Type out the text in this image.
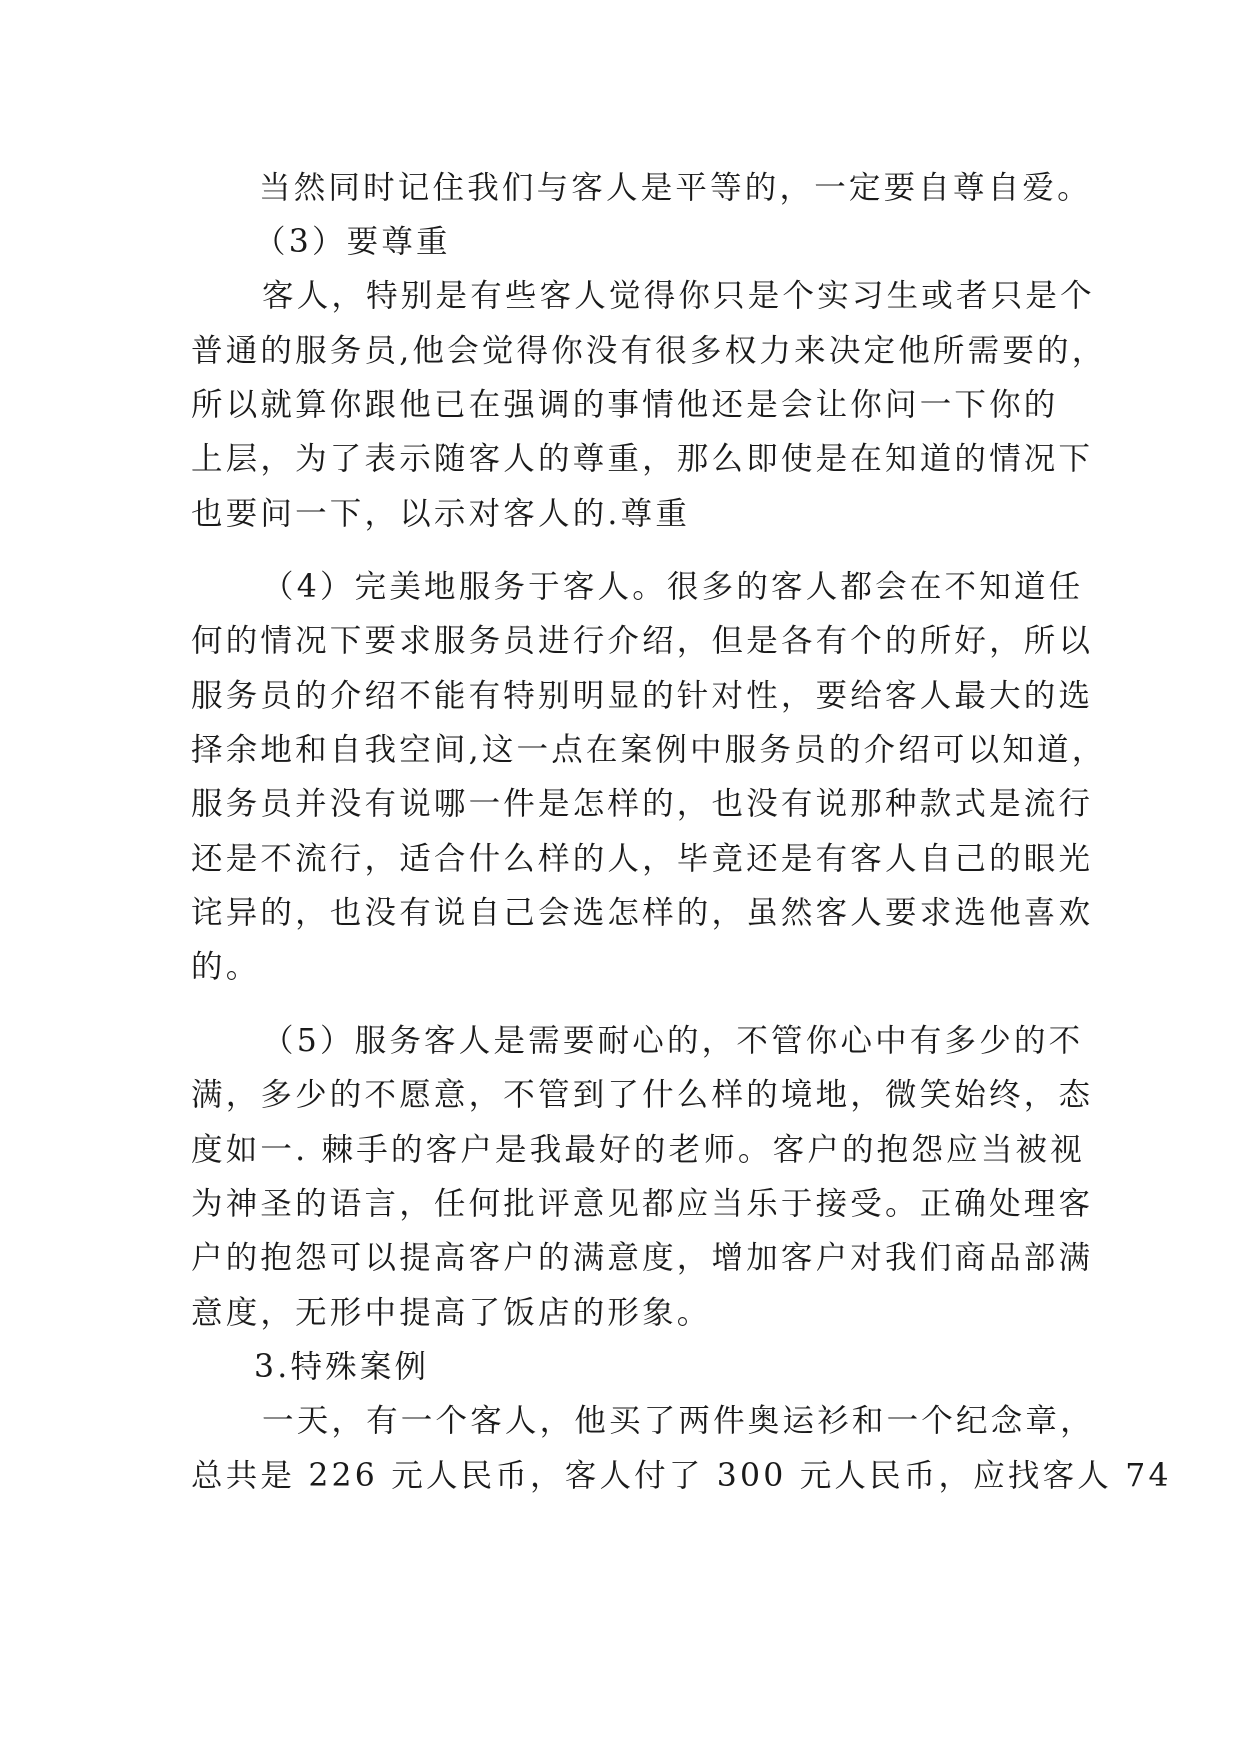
当然同时记住我们与客人是平等的，一定要自尊自爱。
（3）要尊重
客人，特别是有些客人觉得你只是个实习生或者只是个
普通的服务员,他会觉得你没有很多权力来决定他所需要的，
所以就算你跟他已在强调的事情他还是会让你问一下你的
上层，为了表示随客人的尊重，那么即使是在知道的情况下
也要问一下，以示对客人的.尊重
（4）完美地服务于客人。很多的客人都会在不知道任
何的情况下要求服务员进行介绍，但是各有个的所好，所以
服务员的介绍不能有特别明显的针对性，要给客人最大的选
择余地和自我空间,这一点在案例中服务员的介绍可以知道，
服务员并没有说哪一件是怎样的，也没有说那种款式是流行
还是不流行，适合什么样的人，毕竟还是有客人自己的眼光
诧异的，也没有说自己会选怎样的，虽然客人要求选他喜欢
的。
（5）服务客人是需要耐心的，不管你心中有多少的不
满，多少的不愿意，不管到了什么样的境地，微笑始终，态
度如一. 棘手的客户是我最好的老师。客户的抱怨应当被视
为神圣的语言，任何批评意见都应当乐于接受。正确处理客
户的抱怨可以提高客户的满意度，增加客户对我们商品部满
意度，无形中提高了饭店的形象。
3.特殊案例
一天，有一个客人，他买了两件奥运衫和一个纪念章，
总共是 226 元人民币，客人付了 300 元人民币，应找客人 74
